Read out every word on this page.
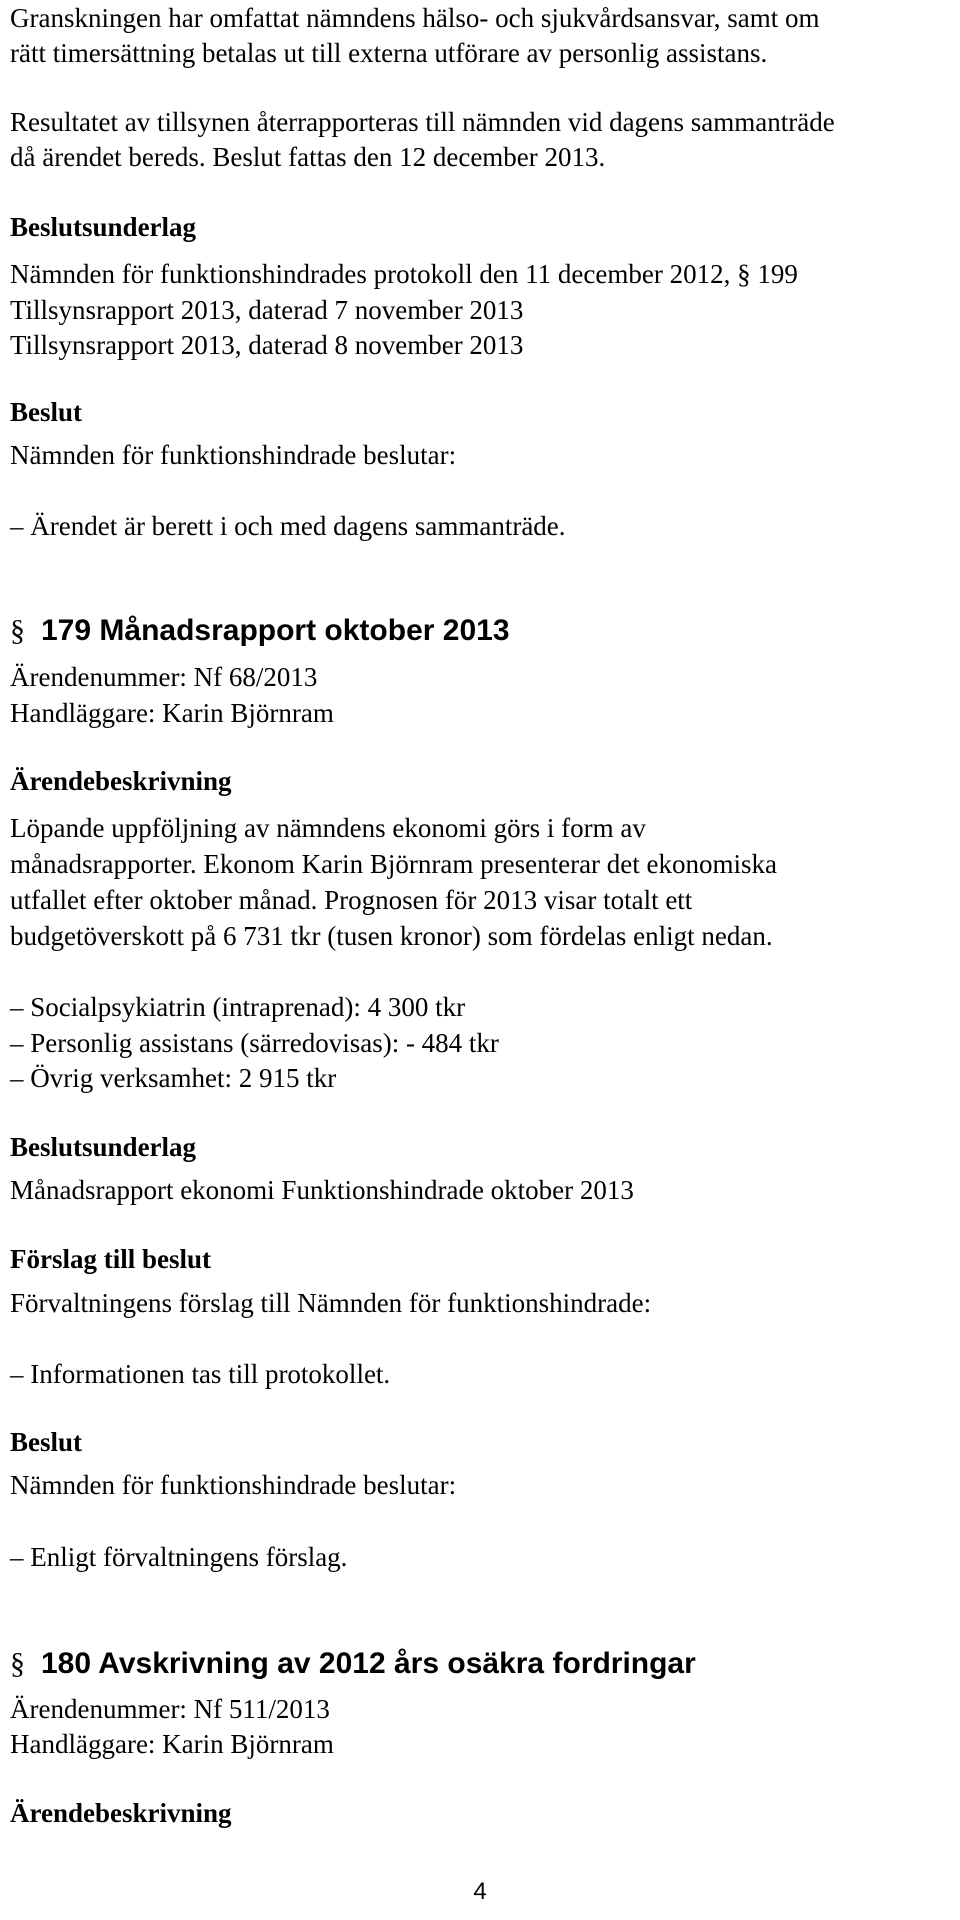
Granskningen har omfattat nämndens hälso- och sjukvårdsansvar, samt om
rätt timersättning betalas ut till externa utförare av personlig assistans.
Resultatet av tillsynen återrapporteras till nämnden vid dagens sammanträde
då ärendet bereds. Beslut fattas den 12 december 2013.
Beslutsunderlag
Nämnden för funktionshindrades protokoll den 11 december 2012, § 199
Tillsynsrapport 2013, daterad 7 november 2013
Tillsynsrapport 2013, daterad 8 november 2013
Beslut
Nämnden för funktionshindrade beslutar:
– Ärendet är berett i och med dagens sammanträde.
§ 179 Månadsrapport oktober 2013
Ärendenummer: Nf 68/2013
Handläggare: Karin Björnram
Ärendebeskrivning
Löpande uppföljning av nämndens ekonomi görs i form av
månadsrapporter. Ekonom Karin Björnram presenterar det ekonomiska
utfallet efter oktober månad. Prognosen för 2013 visar totalt ett
budgetöverskott på 6 731 tkr (tusen kronor) som fördelas enligt nedan.
– Socialpsykiatrin (intraprenad): 4 300 tkr
– Personlig assistans (särredovisas): - 484 tkr
– Övrig verksamhet: 2 915 tkr
Beslutsunderlag
Månadsrapport ekonomi Funktionshindrade oktober 2013
Förslag till beslut
Förvaltningens förslag till Nämnden för funktionshindrade:
– Informationen tas till protokollet.
Beslut
Nämnden för funktionshindrade beslutar:
– Enligt förvaltningens förslag.
§ 180 Avskrivning av 2012 års osäkra fordringar
Ärendenummer: Nf 511/2013
Handläggare: Karin Björnram
Ärendebeskrivning
4
